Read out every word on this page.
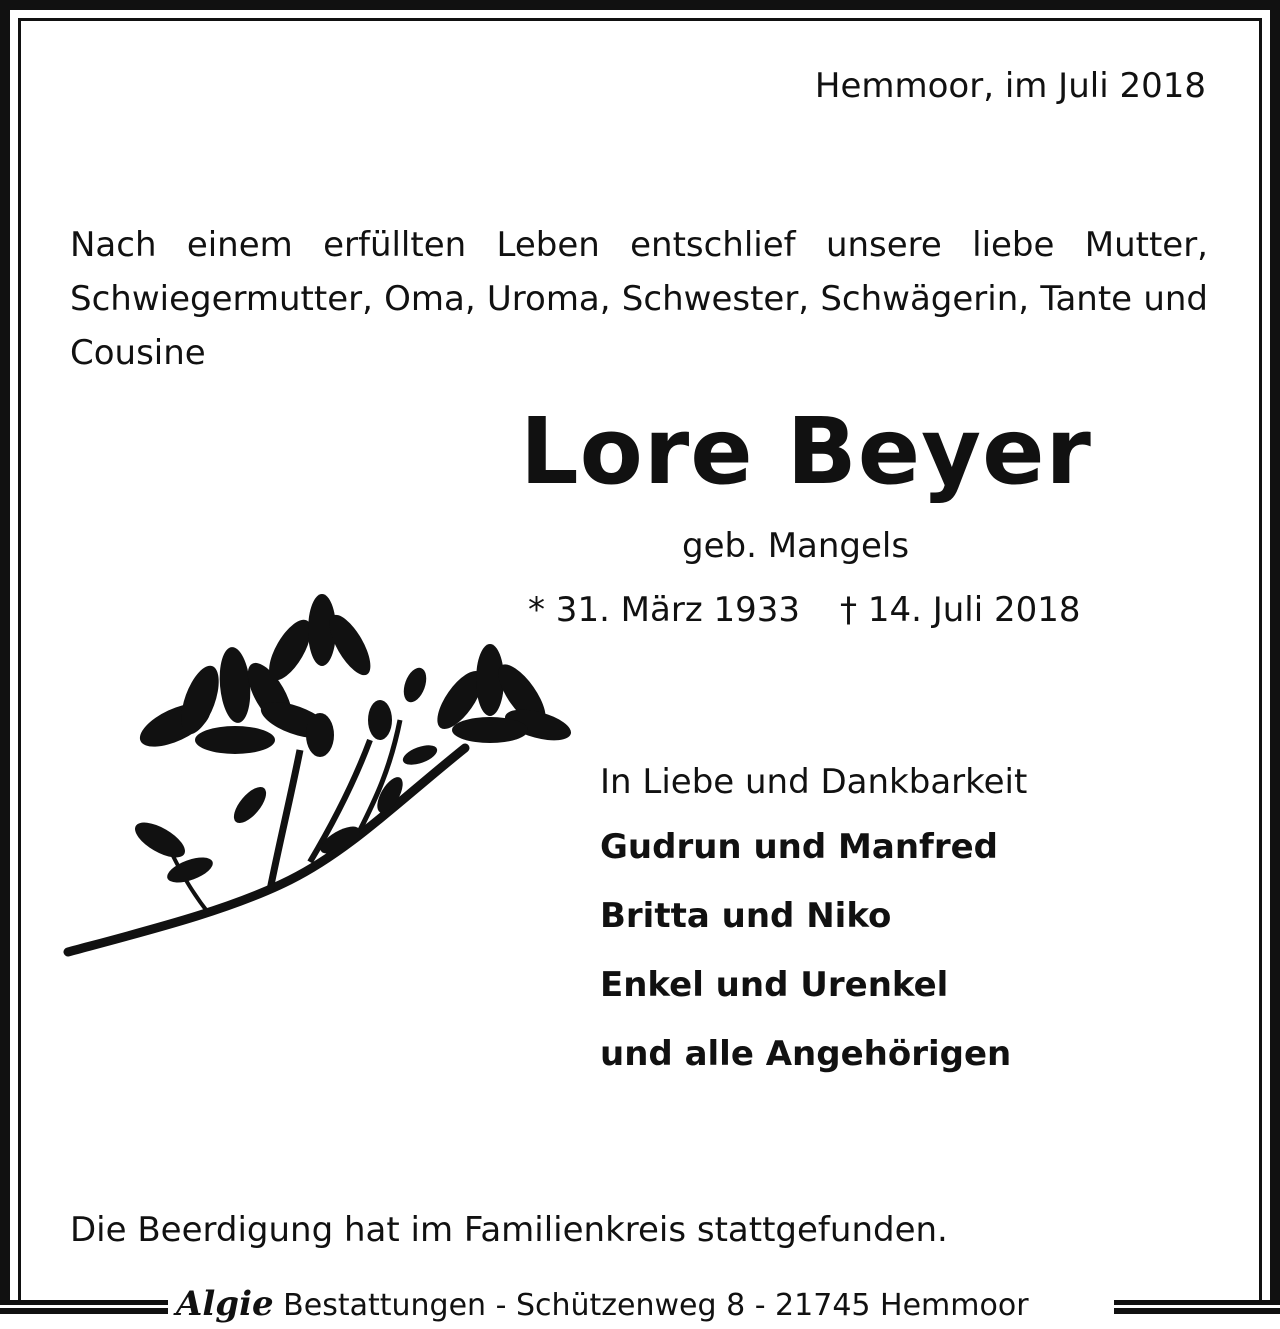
Hemmoor, im Juli 2018
Nach einem erfüllten Leben entschlief unsere liebe Mutter, Schwiegermutter, Oma, Uroma, Schwester, Schwägerin, Tante und Cousine
Lore Beyer
geb. Mangels
* 31. März 1933 † 14. Juli 2018
In Liebe und Dankbarkeit
Gudrun und Manfred
Britta und Niko
Enkel und Urenkel
und alle Angehörigen
Die Beerdigung hat im Familienkreis stattgefunden.
Algie Bestattungen - Schützenweg 8 - 21745 Hemmoor
